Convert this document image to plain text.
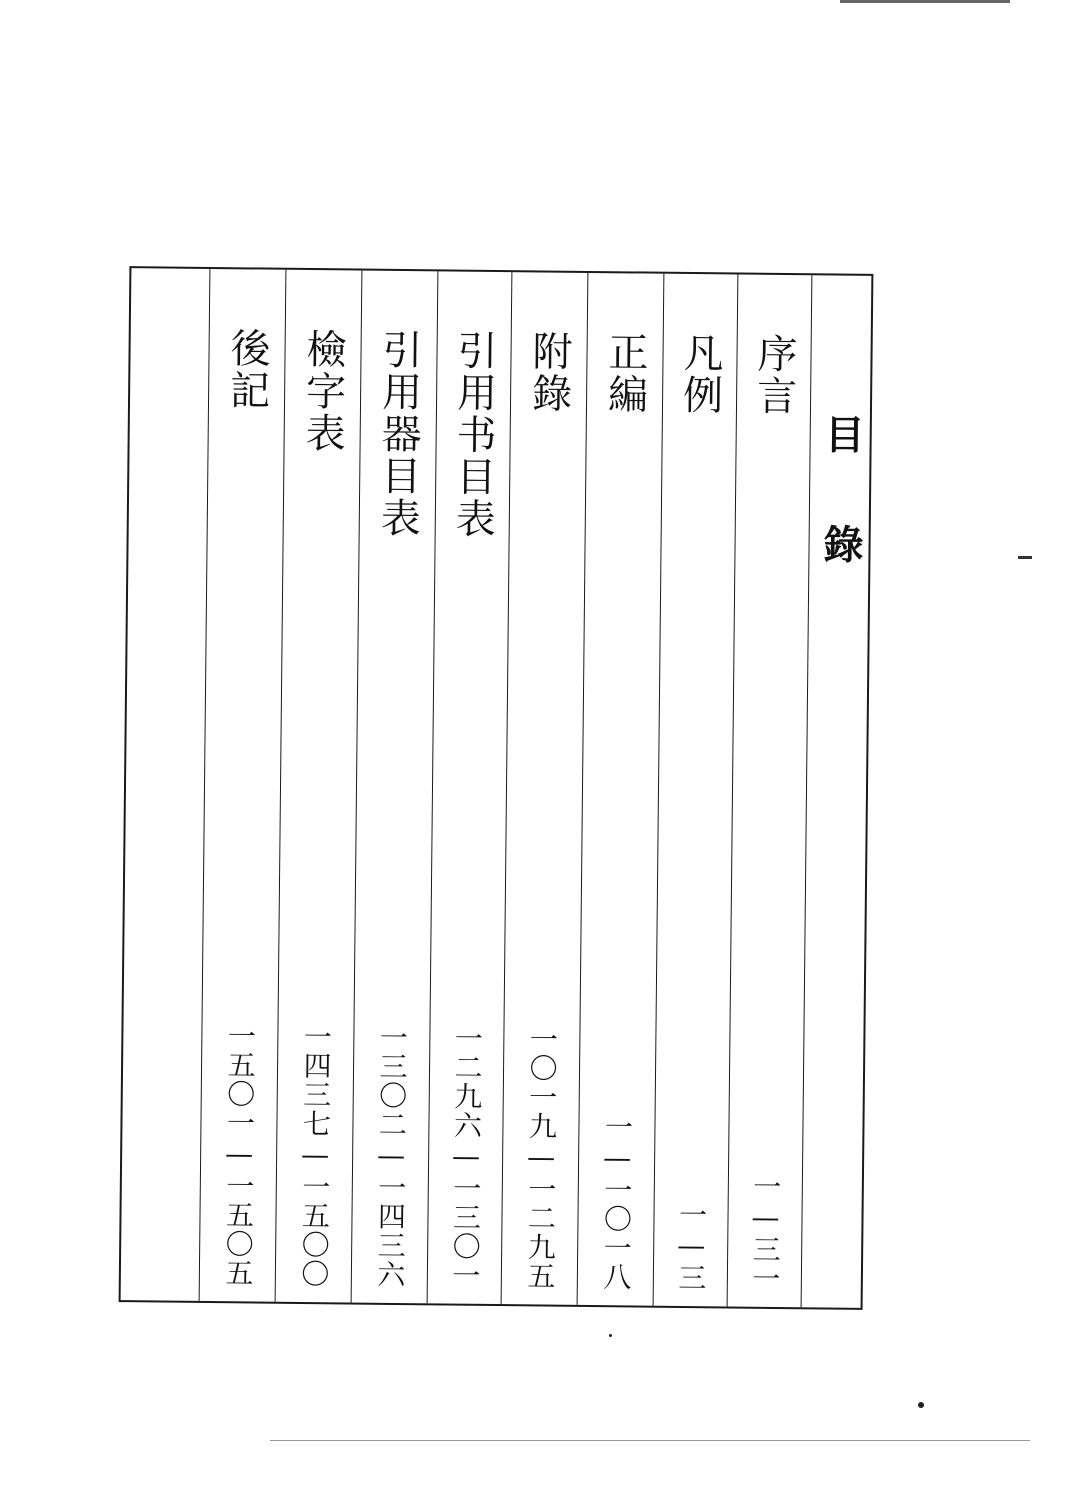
目錄
序言
一—三一
凡例
一—三
正編
一—一〇一八
附錄
一〇一九—一二九五
引用书目表
一二九六—一三〇一
引用器目表
一三〇二—一四三六
檢字表
一四三七—一五〇〇
後記
一五〇一—一五〇五
